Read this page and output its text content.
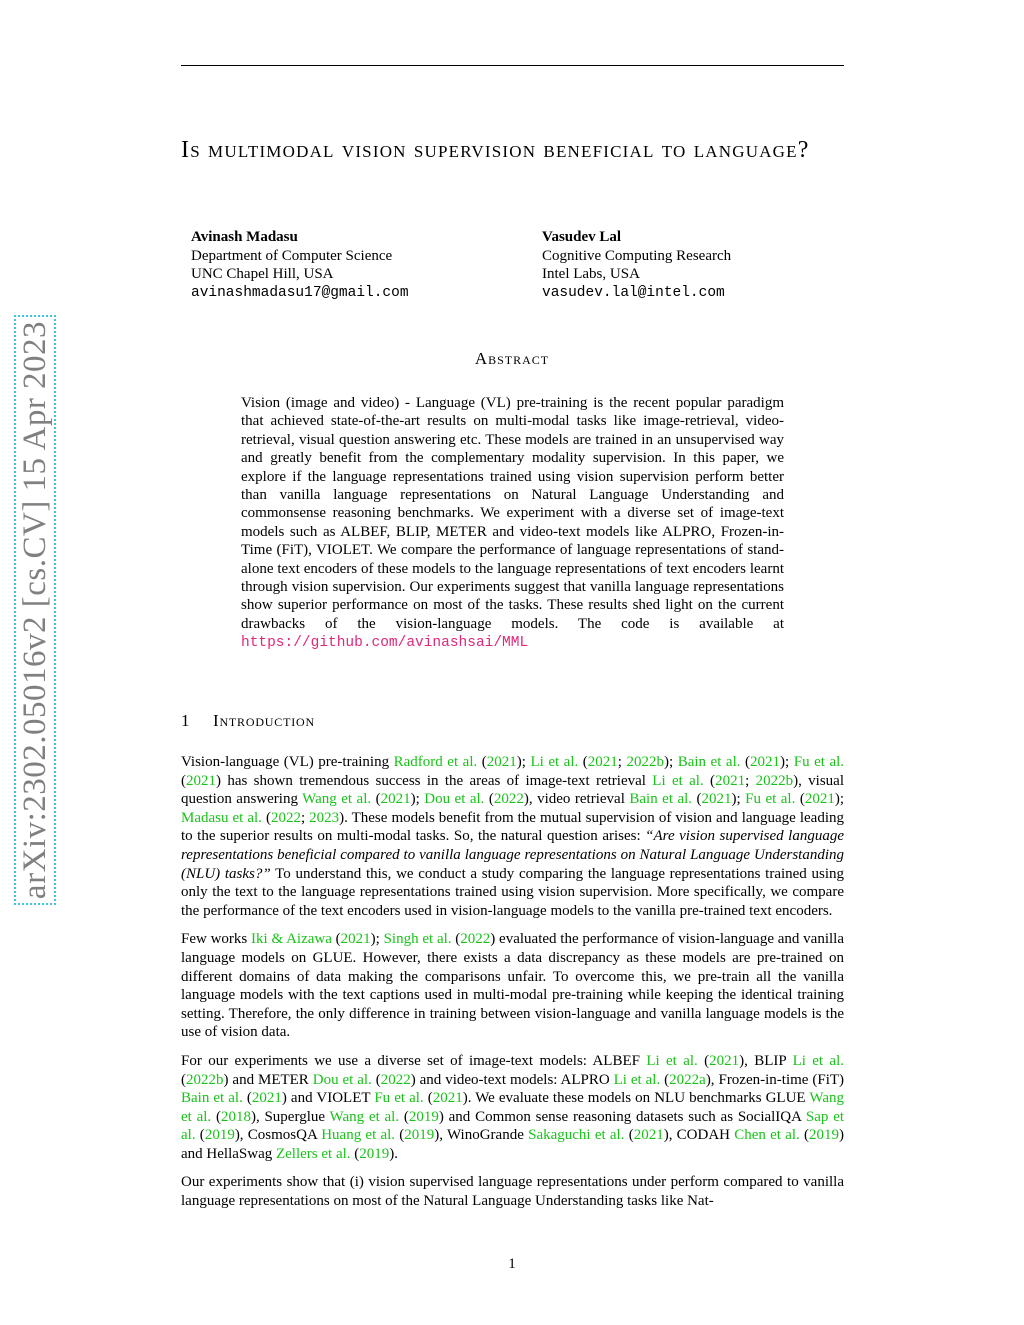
arXiv:2302.05016v2 [cs.CV] 15 Apr 2023
Is multimodal vision supervision beneficial to language?
Avinash Madasu
Department of Computer Science
UNC Chapel Hill, USA
avinashmadasu17@gmail.com
Vasudev Lal
Cognitive Computing Research
Intel Labs, USA
vasudev.lal@intel.com
Abstract
Vision (image and video) - Language (VL) pre-training is the recent popular paradigm that achieved state-of-the-art results on multi-modal tasks like image-retrieval, video-retrieval, visual question answering etc. These models are trained in an unsupervised way and greatly benefit from the complementary modality supervision. In this paper, we explore if the language representations trained using vision supervision perform better than vanilla language representations on Natural Language Understanding and commonsense reasoning benchmarks. We experiment with a diverse set of image-text models such as ALBEF, BLIP, METER and video-text models like ALPRO, Frozen-in-Time (FiT), VIOLET. We compare the performance of language representations of stand-alone text encoders of these models to the language representations of text encoders learnt through vision supervision. Our experiments suggest that vanilla language representations show superior performance on most of the tasks. These results shed light on the current drawbacks of the vision-language models. The code is available at https://github.com/avinashsai/MML
1 Introduction

Vision-language (VL) pre-training Radford et al. (2021); Li et al. (2021; 2022b); Bain et al. (2021); Fu et al. (2021) has shown tremendous success in the areas of image-text retrieval Li et al. (2021; 2022b), visual question answering Wang et al. (2021); Dou et al. (2022), video retrieval Bain et al. (2021); Fu et al. (2021); Madasu et al. (2022; 2023). These models benefit from the mutual supervision of vision and language leading to the superior results on multi-modal tasks. So, the natural question arises: “Are vision supervised language representations beneficial compared to vanilla language representations on Natural Language Understanding (NLU) tasks?” To understand this, we conduct a study comparing the language representations trained using only the text to the language representations trained using vision supervision. More specifically, we compare the performance of the text encoders used in vision-language models to the vanilla pre-trained text encoders.

Few works Iki & Aizawa (2021); Singh et al. (2022) evaluated the performance of vision-language and vanilla language models on GLUE. However, there exists a data discrepancy as these models are pre-trained on different domains of data making the comparisons unfair. To overcome this, we pre-train all the vanilla language models with the text captions used in multi-modal pre-training while keeping the identical training setting. Therefore, the only difference in training between vision-language and vanilla language models is the use of vision data.

For our experiments we use a diverse set of image-text models: ALBEF Li et al. (2021), BLIP Li et al. (2022b) and METER Dou et al. (2022) and video-text models: ALPRO Li et al. (2022a), Frozen-in-time (FiT) Bain et al. (2021) and VIOLET Fu et al. (2021). We evaluate these models on NLU benchmarks GLUE Wang et al. (2018), Superglue Wang et al. (2019) and Common sense reasoning datasets such as SocialIQA Sap et al. (2019), CosmosQA Huang et al. (2019), WinoGrande Sakaguchi et al. (2021), CODAH Chen et al. (2019) and HellaSwag Zellers et al. (2019).

Our experiments show that (i) vision supervised language representations under perform compared to vanilla language representations on most of the Natural Language Understanding tasks like Nat-

1
